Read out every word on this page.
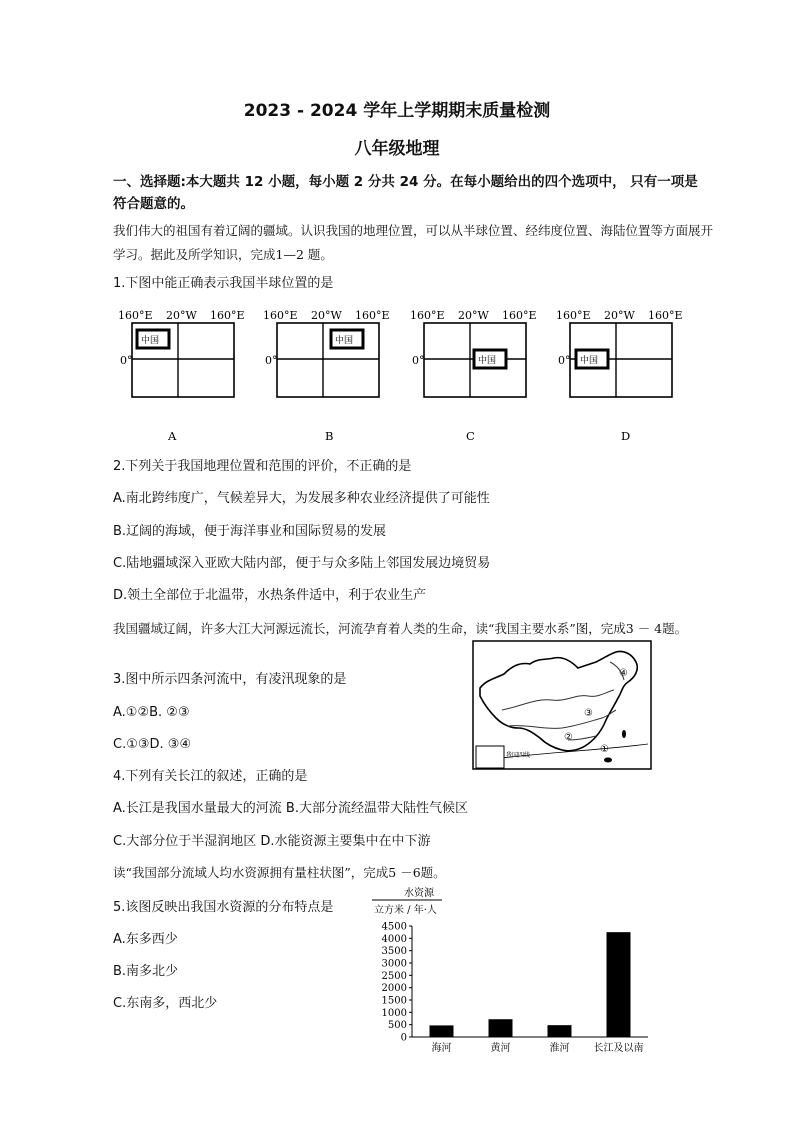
2023 - 2024 学年上学期期末质量检测
八年级地理
一、选择题:本大题共 12 小题，每小题 2 分共 24 分。在每小题给出的四个选项中， 只有一项是符合题意的。
我们伟大的祖国有着辽阔的疆域。认识我国的地理位置，可以从半球位置、经纬度位置、海陆位置等方面展开学习。据此及所学知识，完成1—2 题。
1.下图中能正确表示我国半球位置的是
160°E 20°W 160°E
0°
中国
A
160°E 20°W 160°E
0°
中国
B
160°E 20°W 160°E
0°	中国
C
160°E 20°W 160°E
0° 中国
D
2.下列关于我国地理位置和范围的评价，不正确的是
A.南北跨纬度广，气候差异大，为发展多种农业经济提供了可能性
B.辽阔的海域，便于海洋事业和国际贸易的发展
C.陆地疆域深入亚欧大陆内部，便于与众多陆上邻国发展边境贸易
D.领土全部位于北温带，水热条件适中，利于农业生产
我国疆域辽阔，许多大江大河源远流长，河流孕育着人类的生命，读“我国主要水系”图，完成3 － 4题。
④
③
②
①
我国四线
3.图中所示四条河流中，有凌汛现象的是
A.①②B. ②③
C.①③D. ③④
4.下列有关长江的叙述，正确的是
A.长江是我国水量最大的河流 B.大部分流经温带大陆性气候区
C.大部分位于半湿润地区 D.水能资源主要集中在中下游
读“我国部分流域人均水资源拥有量柱状图”，完成5 －6题。
5.该图反映出我国水资源的分布特点是
A.东多西少
B.南多北少
C.东南多，西北少
水资源
立方米 / 年·人
0
500
1000
1500
2000
2500
3000
3500
4000
4500
海河	黄河	淮河 长江及以南
